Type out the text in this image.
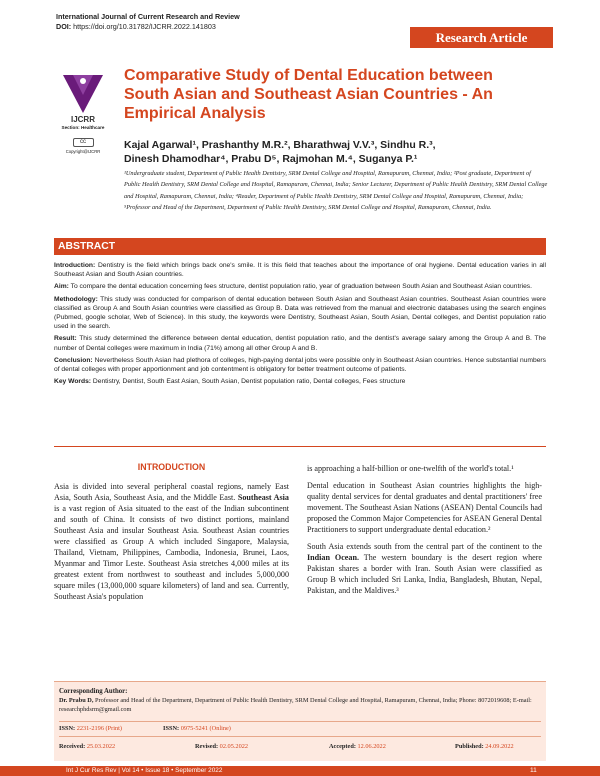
International Journal of Current Research and Review
DOI: https://doi.org/10.31782/IJCRR.2022.141803
Research Article
IJCRR
Section: Healthcare
cc
Copyright@IJCRR
Comparative Study of Dental Education between South Asian and Southeast Asian Countries - An Empirical Analysis
Kajal Agarwal¹, Prashanthy M.R.², Bharathwaj V.V.³, Sindhu R.³,
Dinesh Dhamodhar⁴, Prabu D⁵, Rajmohan M.⁴, Suganya P.¹
¹Undergraduate student, Department of Public Health Dentistry, SRM Dental College and Hospital, Ramapuram, Chennai, India; ²Post graduate, Department of Public Health Dentistry, SRM Dental College and Hospital, Ramapuram, Chennai, India; Senior Lecturer, Department of Public Health Dentistry, SRM Dental College and Hospital, Ramapuram, Chennai, India; ⁴Reader, Department of Public Health Dentistry, SRM Dental College and Hospital, Ramapuram, Chennai, India; ⁵Professor and Head of the Department, Department of Public Health Dentistry, SRM Dental College and Hospital, Ramapuram, Chennai, India.
ABSTRACT

Introduction: Dentistry is the field which brings back one's smile. It is this field that teaches about the importance of oral hygiene. Dental education varies in all Southeast Asian and South Asian countries.

Aim: To compare the dental education concerning fees structure, dentist population ratio, year of graduation between South Asian and Southeast Asian countries.

Methodology: This study was conducted for comparison of dental education between South Asian and Southeast Asian countries. Southeast Asian countries were classified as Group A and South Asian countries were classified as Group B. Data was retrieved from the manual and electronic databases using the search engines (Pubmed, google scholar, Web of Science). In this study, the keywords were Dentistry, Southeast Asian, South Asian, Dental colleges, and Dentist population ratio used in the search.

Result: This study determined the difference between dental education, dentist population ratio, and the dentist's average salary among the Group A and B. The number of Dental colleges were maximum in India (71%) among all other Group A and B.

Conclusion: Nevertheless South Asian had plethora of colleges, high-paying dental jobs were possible only in Southeast Asian countries. Hence substantial numbers of dental colleges with proper apportionment and job contentment is obligatory for better treatment outcome of patients.

Key Words: Dentistry, Dentist, South East Asian, South Asian, Dentist population ratio, Dental colleges, Fees structure

INTRODUCTION

Asia is divided into several peripheral coastal regions, namely East Asia, South Asia, Southeast Asia, and the Middle East. Southeast Asia is a vast region of Asia situated to the east of the Indian subcontinent and south of China. It consists of two distinct portions, mainland Southeast Asia and insular Southeast Asia. Southeast Asian countries were classified as Group A which included Singapore, Malaysia, Thailand, Vietnam, Philippines, Cambodia, Indonesia, Brunei, Laos, Myanmar and Timor Leste. Southeast Asia stretches 4,000 miles at its greatest extent from northwest to southeast and includes 5,000,000 square miles (13,000,000 square kilometers) of land and sea. Currently, Southeast Asia's population

is approaching a half-billion or one-twelfth of the world's total.¹

Dental education in Southeast Asian countries highlights the high-quality dental services for dental graduates and dental practitioners' free movement. The Southeast Asian Nations (ASEAN) Dental Councils had proposed the Common Major Competencies for ASEAN General Dental Practitioners to support undergraduate dental education.²

South Asia extends south from the central part of the continent to the Indian Ocean. The western boundary is the desert region where Pakistan shares a border with Iran. South Asian were classified as Group B which included Sri Lanka, India, Bangladesh, Bhutan, Nepal, Pakistan, and the Maldives.³

Corresponding Author:
Dr. Prabu D, Professor and Head of the Department, Department of Public Health Dentistry, SRM Dental College and Hospital, Ramapuram, Chennai, India; Phone: 8072019608; E-mail: researchphdsrm@gmail.com
ISSN: 2231-2196 (Print)	ISSN: 0975-5241 (Online)
Received: 25.03.2022	Revised: 02.05.2022	Accepted: 12.06.2022	Published: 24.09.2022
Int J Cur Res Rev | Vol 14 • Issue 18 • September 2022	11
